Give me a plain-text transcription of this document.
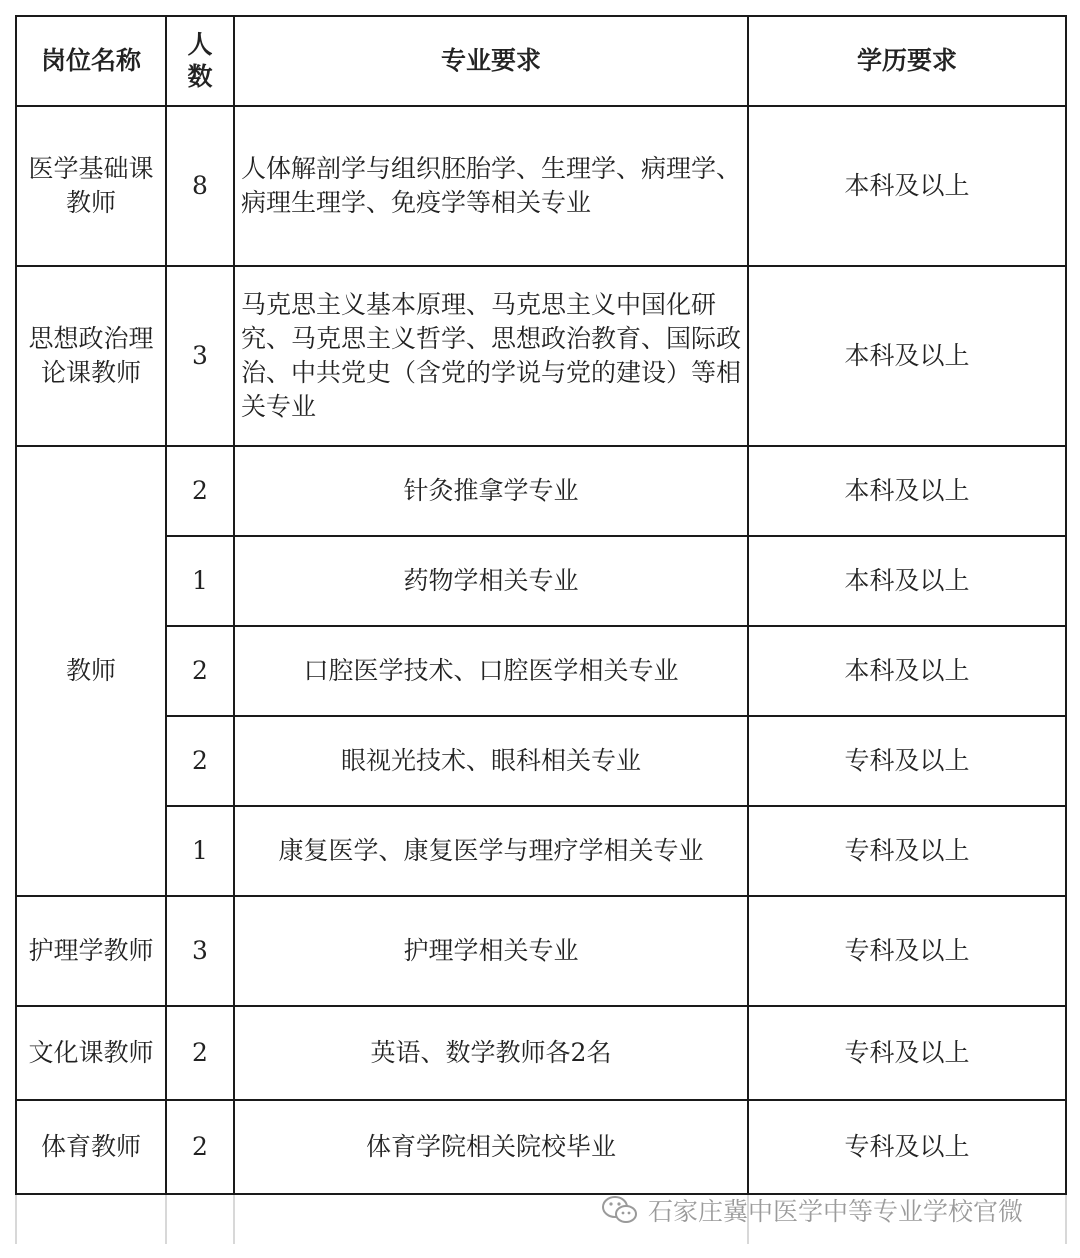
岗位名称	人数	专业要求	学历要求
医学基础课教师	8	人体解剖学与组织胚胎学、生理学、病理学、病理生理学、免疫学等相关专业	本科及以上
思想政治理论课教师	3	马克思主义基本原理、马克思主义中国化研究、马克思主义哲学、思想政治教育、国际政治、中共党史（含党的学说与党的建设）等相关专业	本科及以上
教师	2	针灸推拿学专业	本科及以上
	1	药物学相关专业	本科及以上
	2	口腔医学技术、口腔医学相关专业	本科及以上
	2	眼视光技术、眼科相关专业	专科及以上
	1	康复医学、康复医学与理疗学相关专业	专科及以上
护理学教师	3	护理学相关专业	专科及以上
文化课教师	2	英语、数学教师各2名	专科及以上
体育教师	2	体育学院相关院校毕业	专科及以上

石家庄冀中医学中等专业学校官微
